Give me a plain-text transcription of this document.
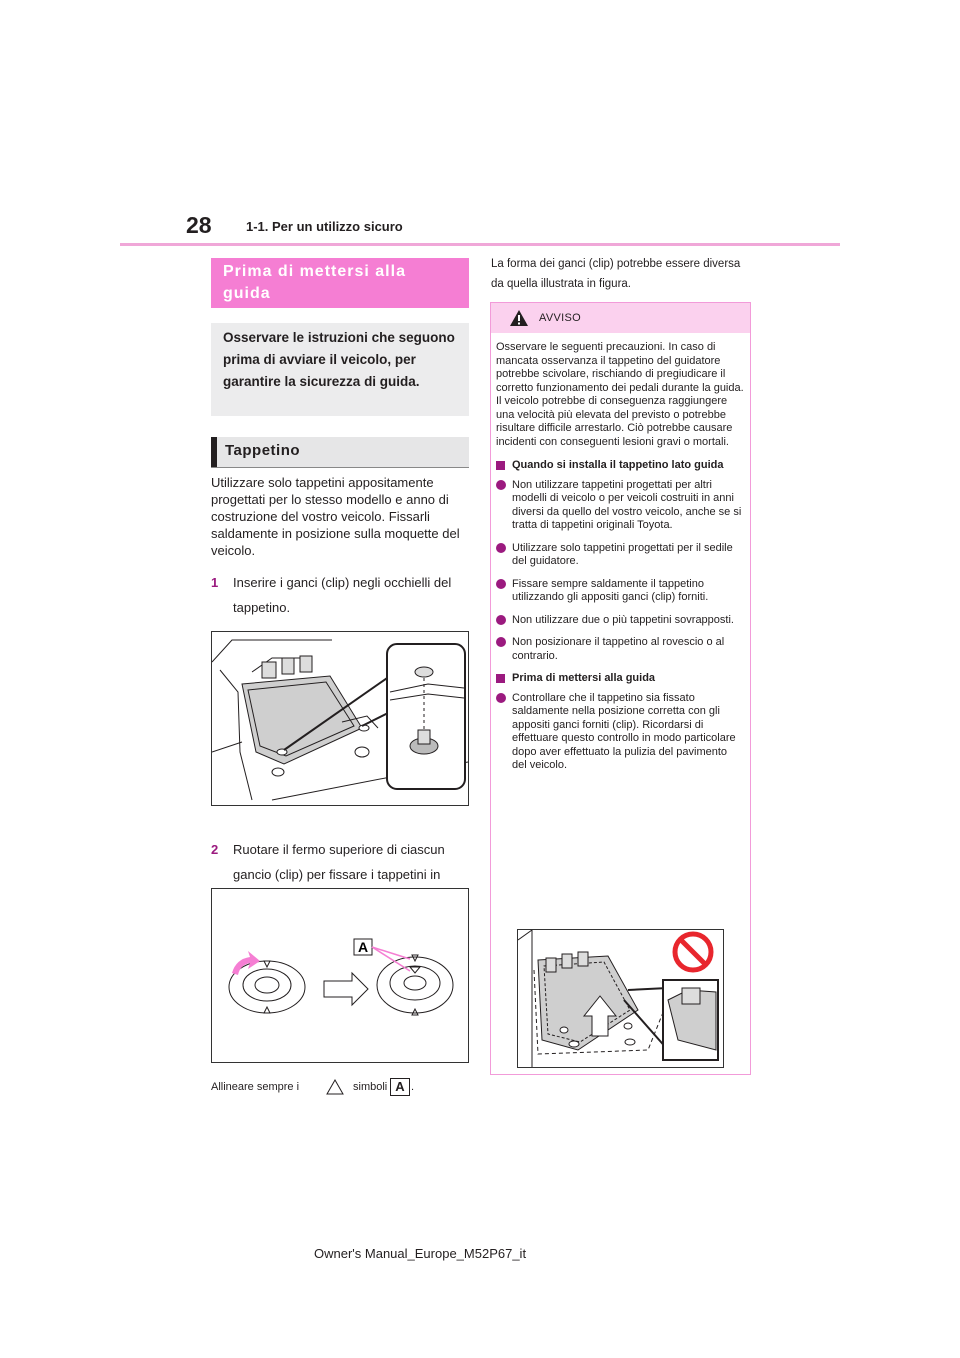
28	1-1. Per un utilizzo sicuro
Prima di mettersi alla guida
Osservare le istruzioni che seguono prima di avviare il veicolo, per garantire la sicurezza di guida.
Tappetino
Utilizzare solo tappetini appositamente progettati per lo stesso modello e anno di costruzione del vostro veicolo. Fissarli saldamente in posizione sulla moquette del veicolo.
1	Inserire i ganci (clip) negli occhielli del tappetino.
2	Ruotare il fermo superiore di ciascun gancio (clip) per fissare i tappetini in
A
Allineare sempre i	simboli A .
La forma dei ganci (clip) potrebbe essere diversa da quella illustrata in figura.
AVVISO

Osservare le seguenti precauzioni. In caso di mancata osservanza il tappetino del guidatore potrebbe scivolare, rischiando di pregiudicare il corretto funzionamento dei pedali durante la guida. Il veicolo potrebbe di conseguenza raggiungere una velocità più elevata del previsto o potrebbe risultare difficile arrestarlo. Ciò potrebbe causare incidenti con conseguenti lesioni gravi o mortali.

Quando si installa il tappetino lato guida
Non utilizzare tappetini progettati per altri modelli di veicolo o per veicoli costruiti in anni diversi da quello del vostro veicolo, anche se si tratta di tappetini originali Toyota.
Utilizzare solo tappetini progettati per il sedile del guidatore.
Fissare sempre saldamente il tappetino utilizzando gli appositi ganci (clip) forniti.
Non utilizzare due o più tappetini sovrapposti.
Non posizionare il tappetino al rovescio o al contrario.
Prima di mettersi alla guida
Controllare che il tappetino sia fissato saldamente nella posizione corretta con gli appositi ganci forniti (clip). Ricordarsi di effettuare questo controllo in modo particolare dopo aver effettuato la pulizia del pavimento del veicolo.
Owner's Manual_Europe_M52P67_it
